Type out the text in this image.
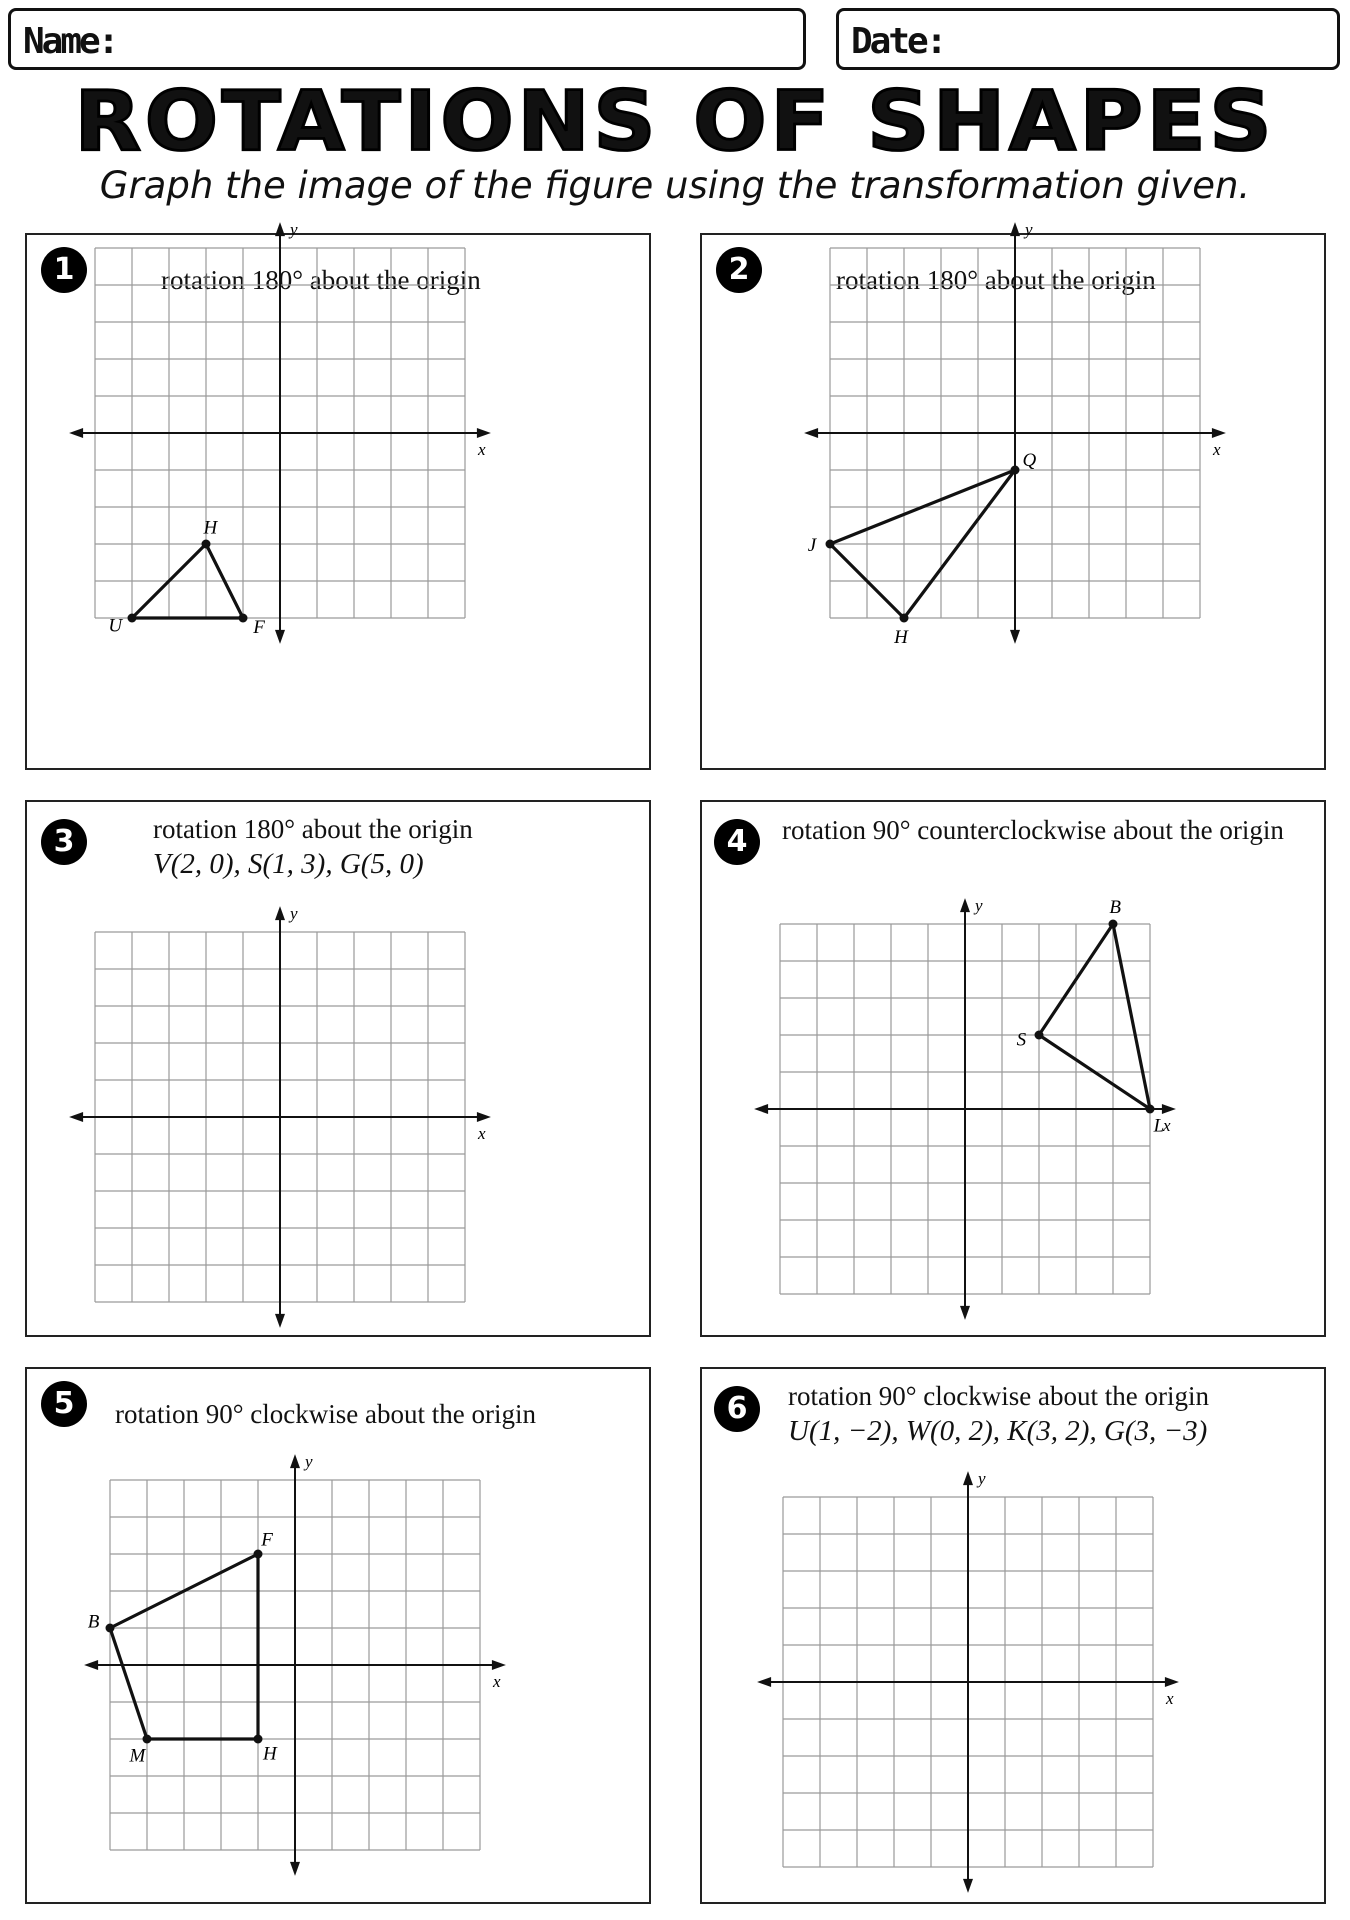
Name:	Date:
ROTATIONS OF SHAPES
Graph the image of the figure using the transformation given.
1	rotation 180° about the origin
x
y
U
H
F
2	rotation 180° about the origin
x
y
Q
J
H
3	rotation 180° about the origin
V(2, 0), S(1, 3), G(5, 0)
x
y
4	rotation 90° counterclockwise about the origin
x
y	B
S
L
5	rotation 90° clockwise about the origin
x
y
F
B
M	H
6	rotation 90° clockwise about the origin
U(1, −2), W(0, 2), K(3, 2), G(3, −3)
x
y
